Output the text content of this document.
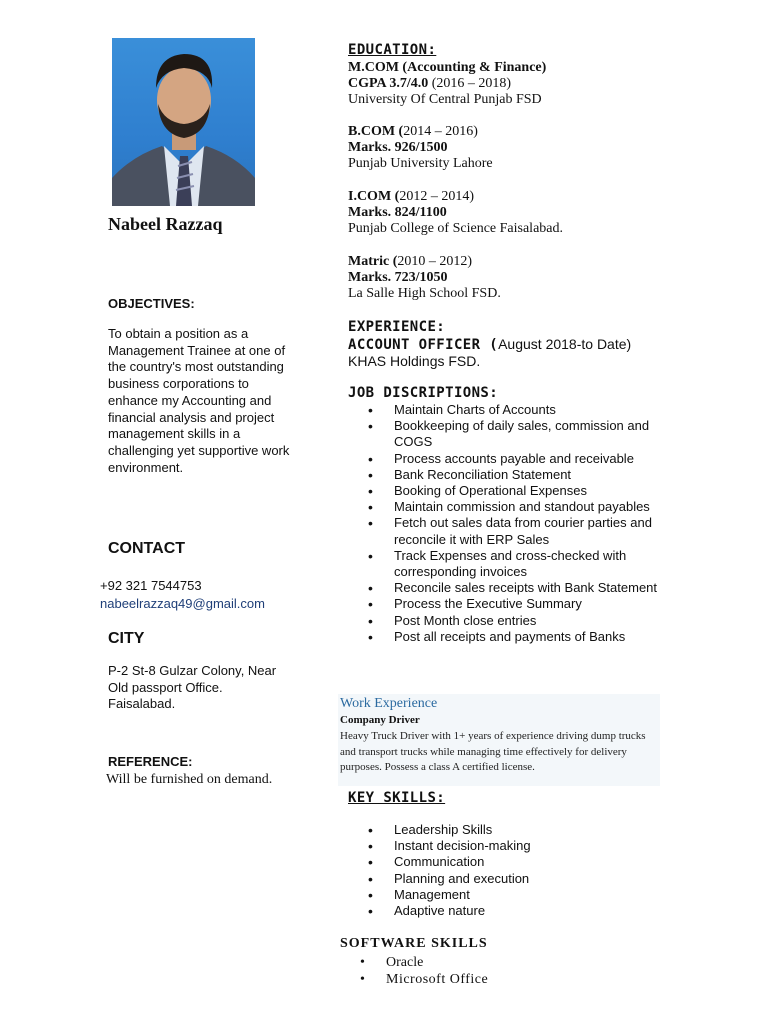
Nabeel Razzaq
OBJECTIVES:
To obtain a position as a Management Trainee at one of the country's most outstanding business corporations to enhance my Accounting and financial analysis and project management skills in a challenging yet supportive work environment.
CONTACT
+92 321 7544753
nabeelrazzaq49@gmail.com
CITY
P-2 St-8 Gulzar Colony, Near
Old passport Office.
Faisalabad.
REFERENCE:
Will be furnished on demand.
EDUCATION:
M.COM (Accounting & Finance)
CGPA 3.7/4.0 (2016 – 2018)
University Of Central Punjab FSD
B.COM (2014 – 2016)
Marks. 926/1500
Punjab University Lahore
I.COM (2012 – 2014)
Marks. 824/1100
Punjab College of Science Faisalabad.
Matric (2010 – 2012)
Marks. 723/1050
La Salle High School FSD.
EXPERIENCE:
ACCOUNT OFFICER (August 2018-to Date)
KHAS Holdings FSD.
JOB DISCRIPTIONS:
• Maintain Charts of Accounts
• Bookkeeping of daily sales, commission and COGS
• Process accounts payable and receivable
• Bank Reconciliation Statement
• Booking of Operational Expenses
• Maintain commission and standout payables
• Fetch out sales data from courier parties and reconcile it with ERP Sales
• Track Expenses and cross-checked with corresponding invoices
• Reconcile sales receipts with Bank Statement
• Process the Executive Summary
• Post Month close entries
• Post all receipts and payments of Banks
Work Experience
Company Driver
Heavy Truck Driver with 1+ years of experience driving dump trucks and transport trucks while managing time effectively for delivery purposes. Possess a class A certified license.
KEY SKILLS:
• Leadership Skills
• Instant decision-making
• Communication
• Planning and execution
• Management
• Adaptive nature
SOFTWARE SKILLS
• Oracle
• Microsoft Office
